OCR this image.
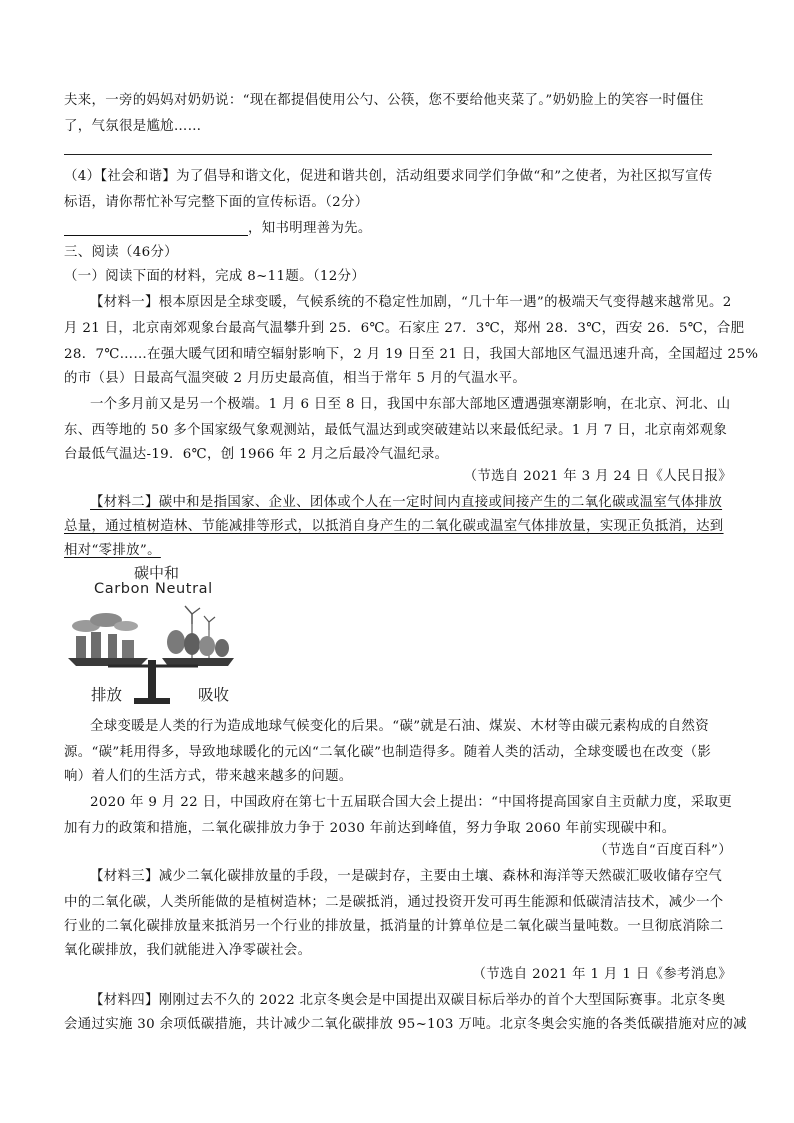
夫来，一旁的妈妈对奶奶说：“现在都提倡使用公勺、公筷，您不要给他夹菜了。”奶奶脸上的笑容一时僵住
了，气氛很是尴尬……
（4）【社会和谐】为了倡导和谐文化，促进和谐共创，活动组要求同学们争做“和”之使者，为社区拟写宣传
标语，请你帮忙补写完整下面的宣传标语。（2分）
，知书明理善为先。
三、阅读（46分）
（一）阅读下面的材料，完成 8~11题。（12分）
【材料一】根本原因是全球变暖，气候系统的不稳定性加剧，“几十年一遇”的极端天气变得越来越常见。2
月 21 日，北京南郊观象台最高气温攀升到 25．6℃。石家庄 27．3℃，郑州 28．3℃，西安 26．5℃，合肥
28．7℃……在强大暖气团和晴空辐射影响下，2 月 19 日至 21 日，我国大部地区气温迅速升高，全国超过 25%
的市（县）日最高气温突破 2 月历史最高值，相当于常年 5 月的气温水平。
一个多月前又是另一个极端。1 月 6 日至 8 日，我国中东部大部地区遭遇强寒潮影响，在北京、河北、山
东、西等地的 50 多个国家级气象观测站，最低气温达到或突破建站以来最低纪录。1 月 7 日，北京南郊观象
台最低气温达-19．6℃，创 1966 年 2 月之后最冷气温纪录。
（节选自 2021 年 3 月 24 日《人民日报》
【材料二】碳中和是指国家、企业、团体或个人在一定时间内直接或间接产生的二氧化碳或温室气体排放
总量，通过植树造林、节能减排等形式，以抵消自身产生的二氧化碳或温室气体排放量，实现正负抵消，达到
相对“零排放”。
碳中和
Carbon Neutral
排放	吸收
全球变暖是人类的行为造成地球气候变化的后果。“碳”就是石油、煤炭、木材等由碳元素构成的自然资
源。“碳”耗用得多，导致地球暖化的元凶“二氧化碳”也制造得多。随着人类的活动，全球变暖也在改变（影
响）着人们的生活方式，带来越来越多的问题。
2020 年 9 月 22 日，中国政府在第七十五届联合国大会上提出：“中国将提高国家自主贡献力度，采取更
加有力的政策和措施，二氧化碳排放力争于 2030 年前达到峰值，努力争取 2060 年前实现碳中和。
（节选自“百度百科”）
【材料三】减少二氧化碳排放量的手段，一是碳封存，主要由土壤、森林和海洋等天然碳汇吸收储存空气
中的二氧化碳，人类所能做的是植树造林；二是碳抵消，通过投资开发可再生能源和低碳清洁技术，减少一个
行业的二氧化碳排放量来抵消另一个行业的排放量，抵消量的计算单位是二氧化碳当量吨数。一旦彻底消除二
氧化碳排放，我们就能进入净零碳社会。
（节选自 2021 年 1 月 1 日《参考消息》
【材料四】刚刚过去不久的 2022 北京冬奥会是中国提出双碳目标后举办的首个大型国际赛事。北京冬奥
会通过实施 30 余项低碳措施，共计减少二氧化碳排放 95~103 万吨。北京冬奥会实施的各类低碳措施对应的减
